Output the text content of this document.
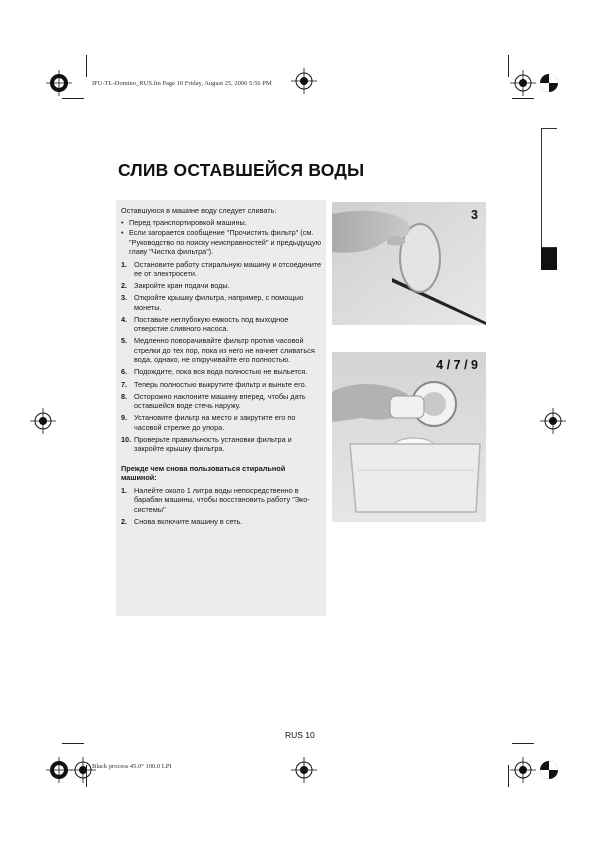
IFU-TL-Domino_RUS.fm Page 10 Friday, August 25, 2006 5:56 PM
Black process 45.0° 100.0 LPI
СЛИВ ОСТАВШЕЙСЯ ВОДЫ
Оставшуюся в машине воду следует сливать:
• Перед транспортировкой машины.
• Если загорается сообщение "Прочистить фильтр" (см. "Руководство по поиску неисправностей" и предыдущую главу "Чистка фильтра").
1. Остановите работу стиральную машину и отсоедините ее от электросети.
2. Закройте кран подачи воды.
3. Откройте крышку фильтра, например, с помощью монеты.
4. Поставьте неглубокую емкость под выходное отверстие сливного насоса.
5. Медленно поворачивайте фильтр против часовой стрелки до тех пор, пока из него не начнет сливаться вода, однако, не откручивайте его полностью.
6. Подождите, пока вся вода полностью не выльется.
7. Теперь полностью выкрутите фильтр и выньте его.
8. Осторожно наклоните машину вперед, чтобы дать оставшейся воде стечь наружу.
9. Установите фильтр на место и закрутите его по часовой стрелке до упора.
10. Проверьте правильность установки фильтра и закройте крышку фильтра.
Прежде чем снова пользоваться стиральной машиной:
1. Налейте около 1 литра воды непосредственно в барабан машины, чтобы восстановить работу "Эко-системы"
2. Снова включите машину в сеть.
3
4 / 7 / 9
RUS 10
